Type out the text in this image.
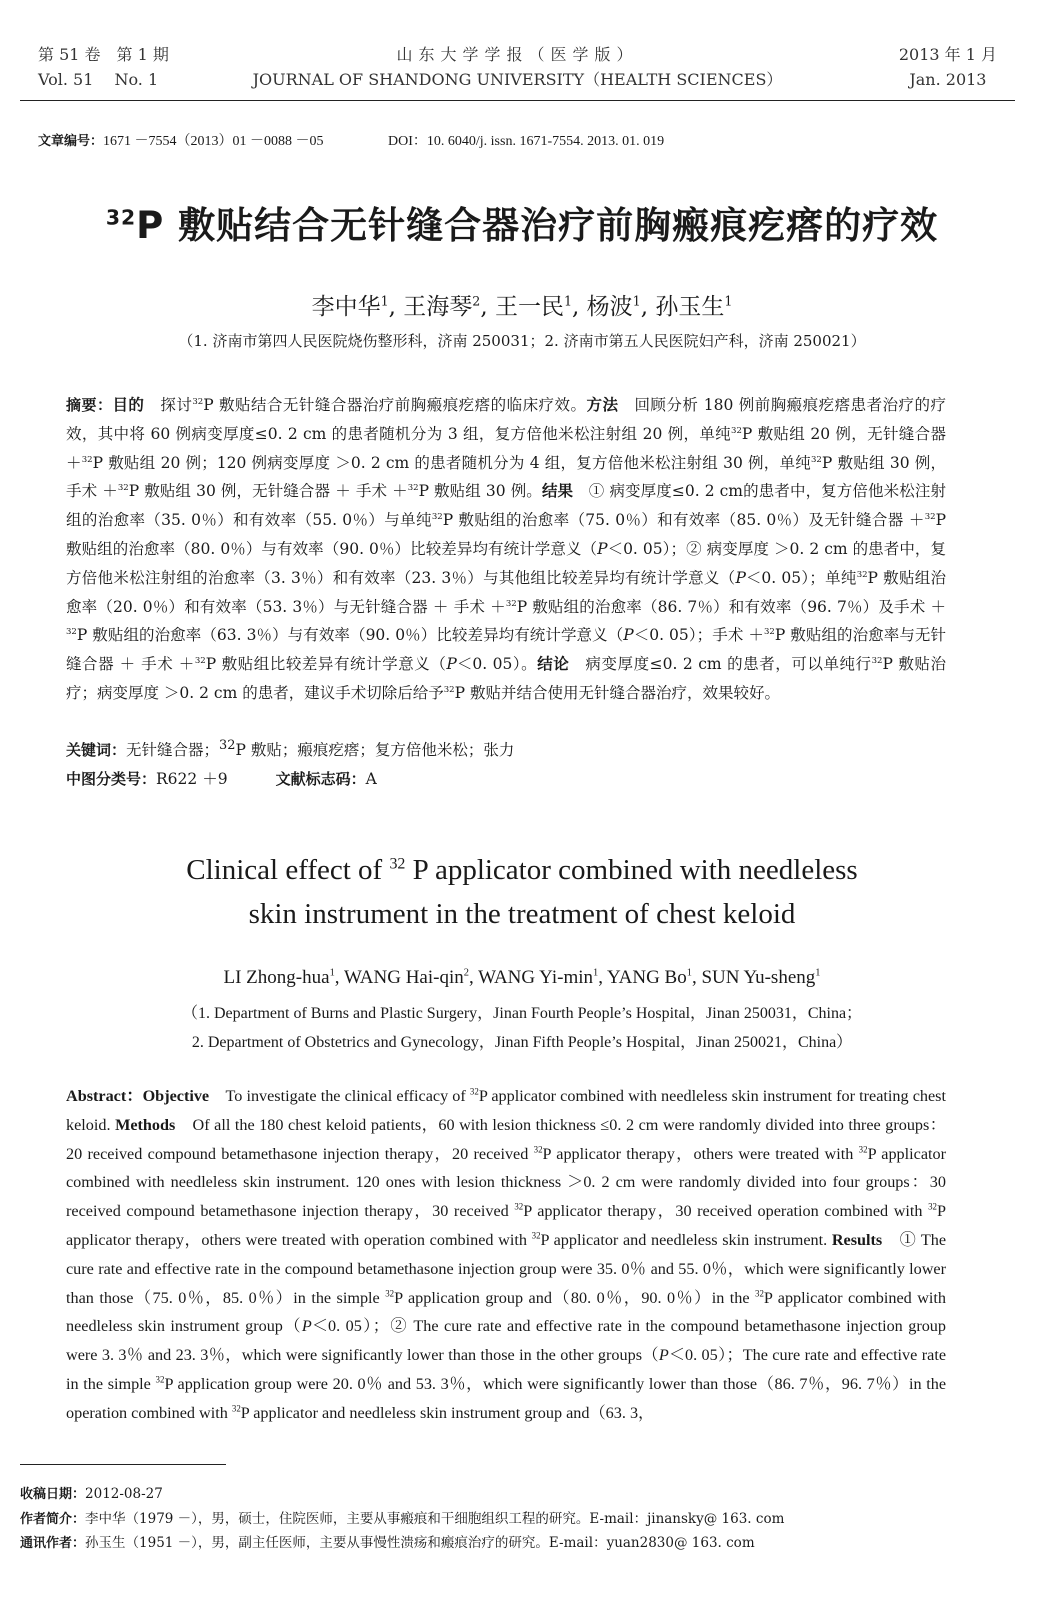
第 51 卷　第 1 期
Vol. 51　 No. 1
山东大学学报（医学版）
JOURNAL OF SHANDONG UNIVERSITY（HEALTH SCIENCES）
2013 年 1 月
Jan. 2013
文章编号：1671 －7554（2013）01 －0088 －05	DOI：10. 6040/j. issn. 1671-7554. 2013. 01. 019
$^{32}$P 敷贴结合无针缝合器治疗前胸瘢痕疙瘩的疗效
李中华$^1$, 王海琴$^2$, 王一民$^1$, 杨波$^1$, 孙玉生$^1$
（1. 济南市第四人民医院烧伤整形科，济南 250031；2. 济南市第五人民医院妇产科，济南 250021）
摘要：目的　探讨$^{32}$P 敷贴结合无针缝合器治疗前胸瘢痕疙瘩的临床疗效。方法　回顾分析 180 例前胸瘢痕疙瘩患者治疗的疗效，其中将 60 例病变厚度≤0. 2 cm 的患者随机分为 3 组，复方倍他米松注射组 20 例，单纯$^{32}$P 敷贴组 20 例，无针缝合器 ＋$^{32}$P 敷贴组 20 例；120 例病变厚度 ＞0. 2 cm 的患者随机分为 4 组，复方倍他米松注射组 30 例，单纯$^{32}$P 敷贴组 30 例，手术 ＋$^{32}$P 敷贴组 30 例，无针缝合器 ＋ 手术 ＋$^{32}$P 敷贴组 30 例。结果　① 病变厚度≤0. 2 cm的患者中，复方倍他米松注射组的治愈率（35. 0％）和有效率（55. 0％）与单纯$^{32}$P 敷贴组的治愈率（75. 0％）和有效率（85. 0％）及无针缝合器 ＋$^{32}$P 敷贴组的治愈率（80. 0％）与有效率（90. 0％）比较差异均有统计学意义（P＜0. 05）；② 病变厚度 ＞0. 2 cm 的患者中，复方倍他米松注射组的治愈率（3. 3％）和有效率（23. 3％）与其他组比较差异均有统计学意义（P＜0. 05）；单纯$^{32}$P 敷贴组治愈率（20. 0％）和有效率（53. 3％）与无针缝合器 ＋ 手术 ＋$^{32}$P 敷贴组的治愈率（86. 7％）和有效率（96. 7％）及手术 ＋$^{32}$P 敷贴组的治愈率（63. 3％）与有效率（90. 0％）比较差异均有统计学意义（P＜0. 05）；手术 ＋$^{32}$P 敷贴组的治愈率与无针缝合器 ＋ 手术 ＋$^{32}$P 敷贴组比较差异有统计学意义（P＜0. 05）。结论　病变厚度≤0. 2 cm 的患者，可以单纯行$^{32}$P 敷贴治疗；病变厚度 ＞0. 2 cm 的患者，建议手术切除后给予$^{32}$P 敷贴并结合使用无针缝合器治疗，效果较好。
关键词：无针缝合器；$^{32}$P 敷贴；瘢痕疙瘩；复方倍他米松；张力
中图分类号：R622 ＋9	文献标志码：A
Clinical effect of $^{32}$ P applicator combined with needleless
skin instrument in the treatment of chest keloid
LI Zhong-hua$^1$, WANG Hai-qin$^2$, WANG $Yi-\min^1$, YANG Bo$^1$, SUN Yu-sheng$^1$
（1. Department of Burns and Plastic Surgery，Jinan Fourth People’s Hospital，Jinan 250031，China；
2. Department of Obstetrics and Gynecology，Jinan Fifth People’s Hospital，Jinan 250021，China）
Abstract：Objective　To investigate the clinical efficacy of $^{32}$P applicator combined with needleless skin instrument for treating chest keloid. Methods　Of all the 180 chest keloid patients，60 with lesion thickness ≤0. 2 cm were randomly divided into three groups：20 received compound betamethasone injection therapy，20 received $^{32}$P applicator therapy，others were treated with $^{32}$P applicator combined with needleless skin instrument. 120 ones with lesion thickness ＞0. 2 cm were randomly divided into four groups：30 received compound betamethasone injection therapy，30 received $^{32}$P applicator therapy，30 received operation combined with $^{32}$P applicator therapy，others were treated with operation combined with $^{32}$P applicator and needleless skin instrument. Results　① The cure rate and effective rate in the compound betamethasone injection group were 35. 0％ and 55. 0％，which were significantly lower than those（75. 0％，85. 0％）in the simple $^{32}$P application group and（80. 0％，90. 0％）in the $^{32}$P applicator combined with needleless skin instrument group（P＜0. 05）；② The cure rate and effective rate in the compound betamethasone injection group were 3. 3％ and 23. 3％，which were significantly lower than those in the other groups（P＜0. 05）；The cure rate and effective rate in the simple $^{32}$P application group were 20. 0％ and 53. 3％，which were significantly lower than those（86. 7％，96. 7％）in the operation combined with $^{32}$P applicator and needleless skin instrument group and（63. 3，
收稿日期：2012-08-27
作者简介：李中华（1979 －），男，硕士，住院医师，主要从事瘢痕和干细胞组织工程的研究。E-mail：jinansky@ 163. com
通讯作者：孙玉生（1951 －），男，副主任医师，主要从事慢性溃疡和瘢痕治疗的研究。E-mail：yuan2830@ 163. com
